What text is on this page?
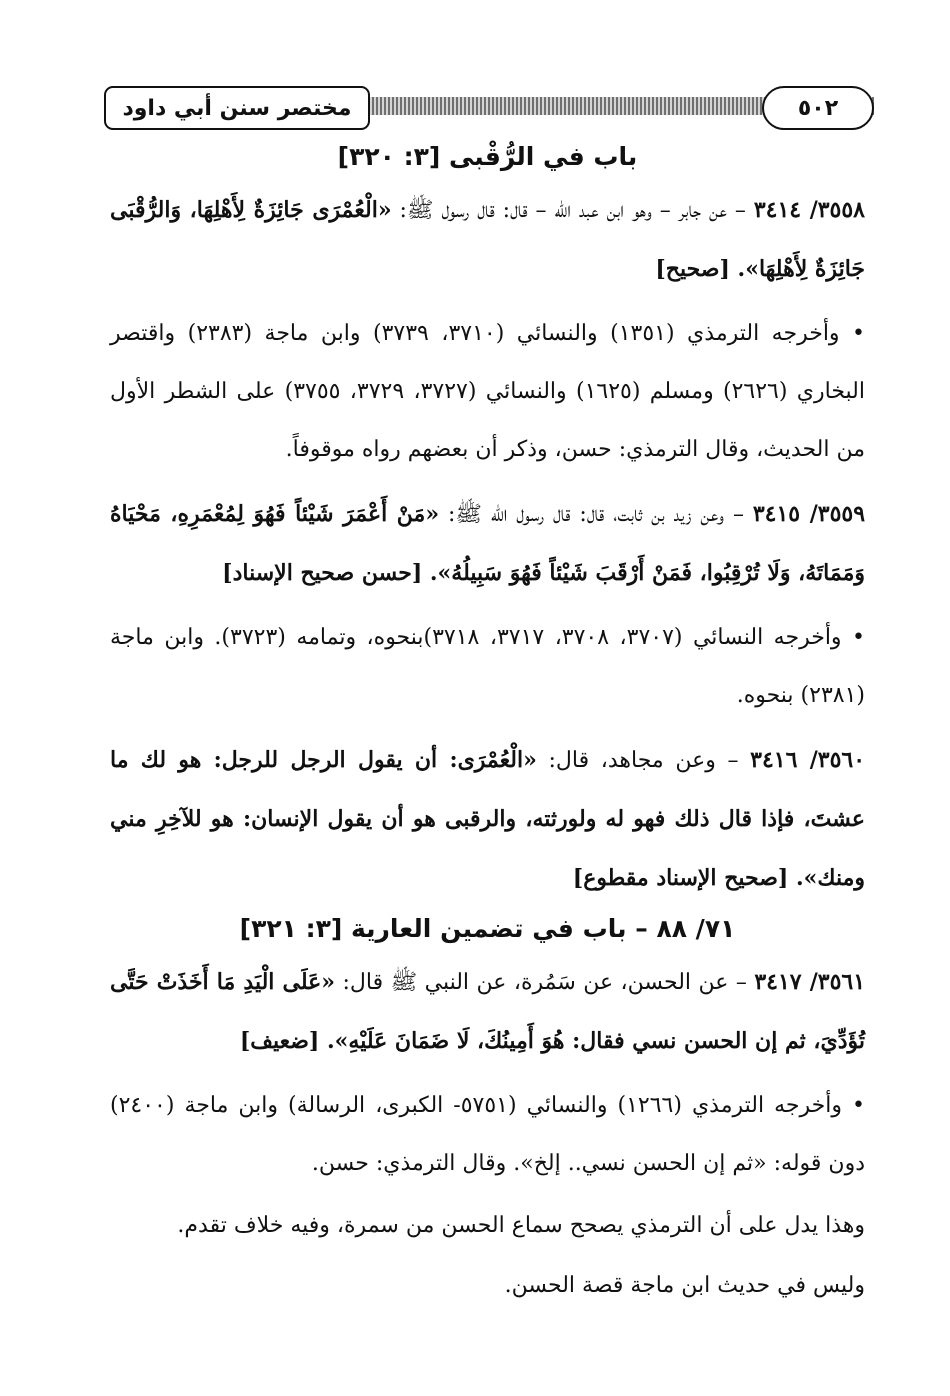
مختصر سنن أبي داود	٥٠٢
باب في الرُّقْبى [٣: ٣٢٠]

٣٥٥٨/ ٣٤١٤ – عن جابر – وهو ابن عبد الله – قال: قال رسول ﷺ: «الْعُمْرَى جَائِزَةٌ لِأَهْلِهَا، وَالرُّقْبَى جَائِزَةٌ لِأَهْلِهَا». [صحيح]

• وأخرجه الترمذي (١٣٥١) والنسائي (٣٧١٠، ٣٧٣٩) وابن ماجة (٢٣٨٣) واقتصر البخاري (٢٦٢٦) ومسلم (١٦٢٥) والنسائي (٣٧٢٧، ٣٧٢٩، ٣٧٥٥) على الشطر الأول من الحديث، وقال الترمذي: حسن، وذكر أن بعضهم رواه موقوفاً.

٣٥٥٩/ ٣٤١٥ – وعن زيد بن ثابت، قال: قال رسول الله ﷺ: «مَنْ أَعْمَرَ شَيْئاً فَهُوَ لِمُعْمَرِهِ، مَحْيَاهُ وَمَمَاتَهُ، وَلَا تُرْقِبُوا، فَمَنْ أَرْقَبَ شَيْئاً فَهُوَ سَبِيلُهُ». [حسن صحيح الإسناد]

• وأخرجه النسائي (٣٧٠٧، ٣٧٠٨، ٣٧١٧، ٣٧١٨)بنحوه، وتمامه (٣٧٢٣). وابن ماجة (٢٣٨١) بنحوه.

٣٥٦٠/ ٣٤١٦ – وعن مجاهد، قال: «الْعُمْرَى: أن يقول الرجل للرجل: هو لك ما عشتَ، فإذا قال ذلك فهو له ولورثته، والرقبى هو أن يقول الإنسان: هو للآخِرِ مني ومنك». [صحيح الإسناد مقطوع]

٧١/ ٨٨ – باب في تضمين العارية [٣: ٣٢١]

٣٥٦١/ ٣٤١٧ – عن الحسن، عن سَمُرة، عن النبي ﷺ قال: «عَلَى الْيَدِ مَا أَخَذَتْ حَتَّى تُؤَدِّيَ، ثم إن الحسن نسي فقال: هُوَ أَمِينُكَ، لَا ضَمَانَ عَلَيْهِ». [ضعيف]

• وأخرجه الترمذي (١٢٦٦) والنسائي (٥٧٥١- الكبرى، الرسالة) وابن ماجة (٢٤٠٠) دون قوله: «ثم إن الحسن نسي.. إلخ». وقال الترمذي: حسن.

وهذا يدل على أن الترمذي يصحح سماع الحسن من سمرة، وفيه خلاف تقدم.

وليس في حديث ابن ماجة قصة الحسن.
